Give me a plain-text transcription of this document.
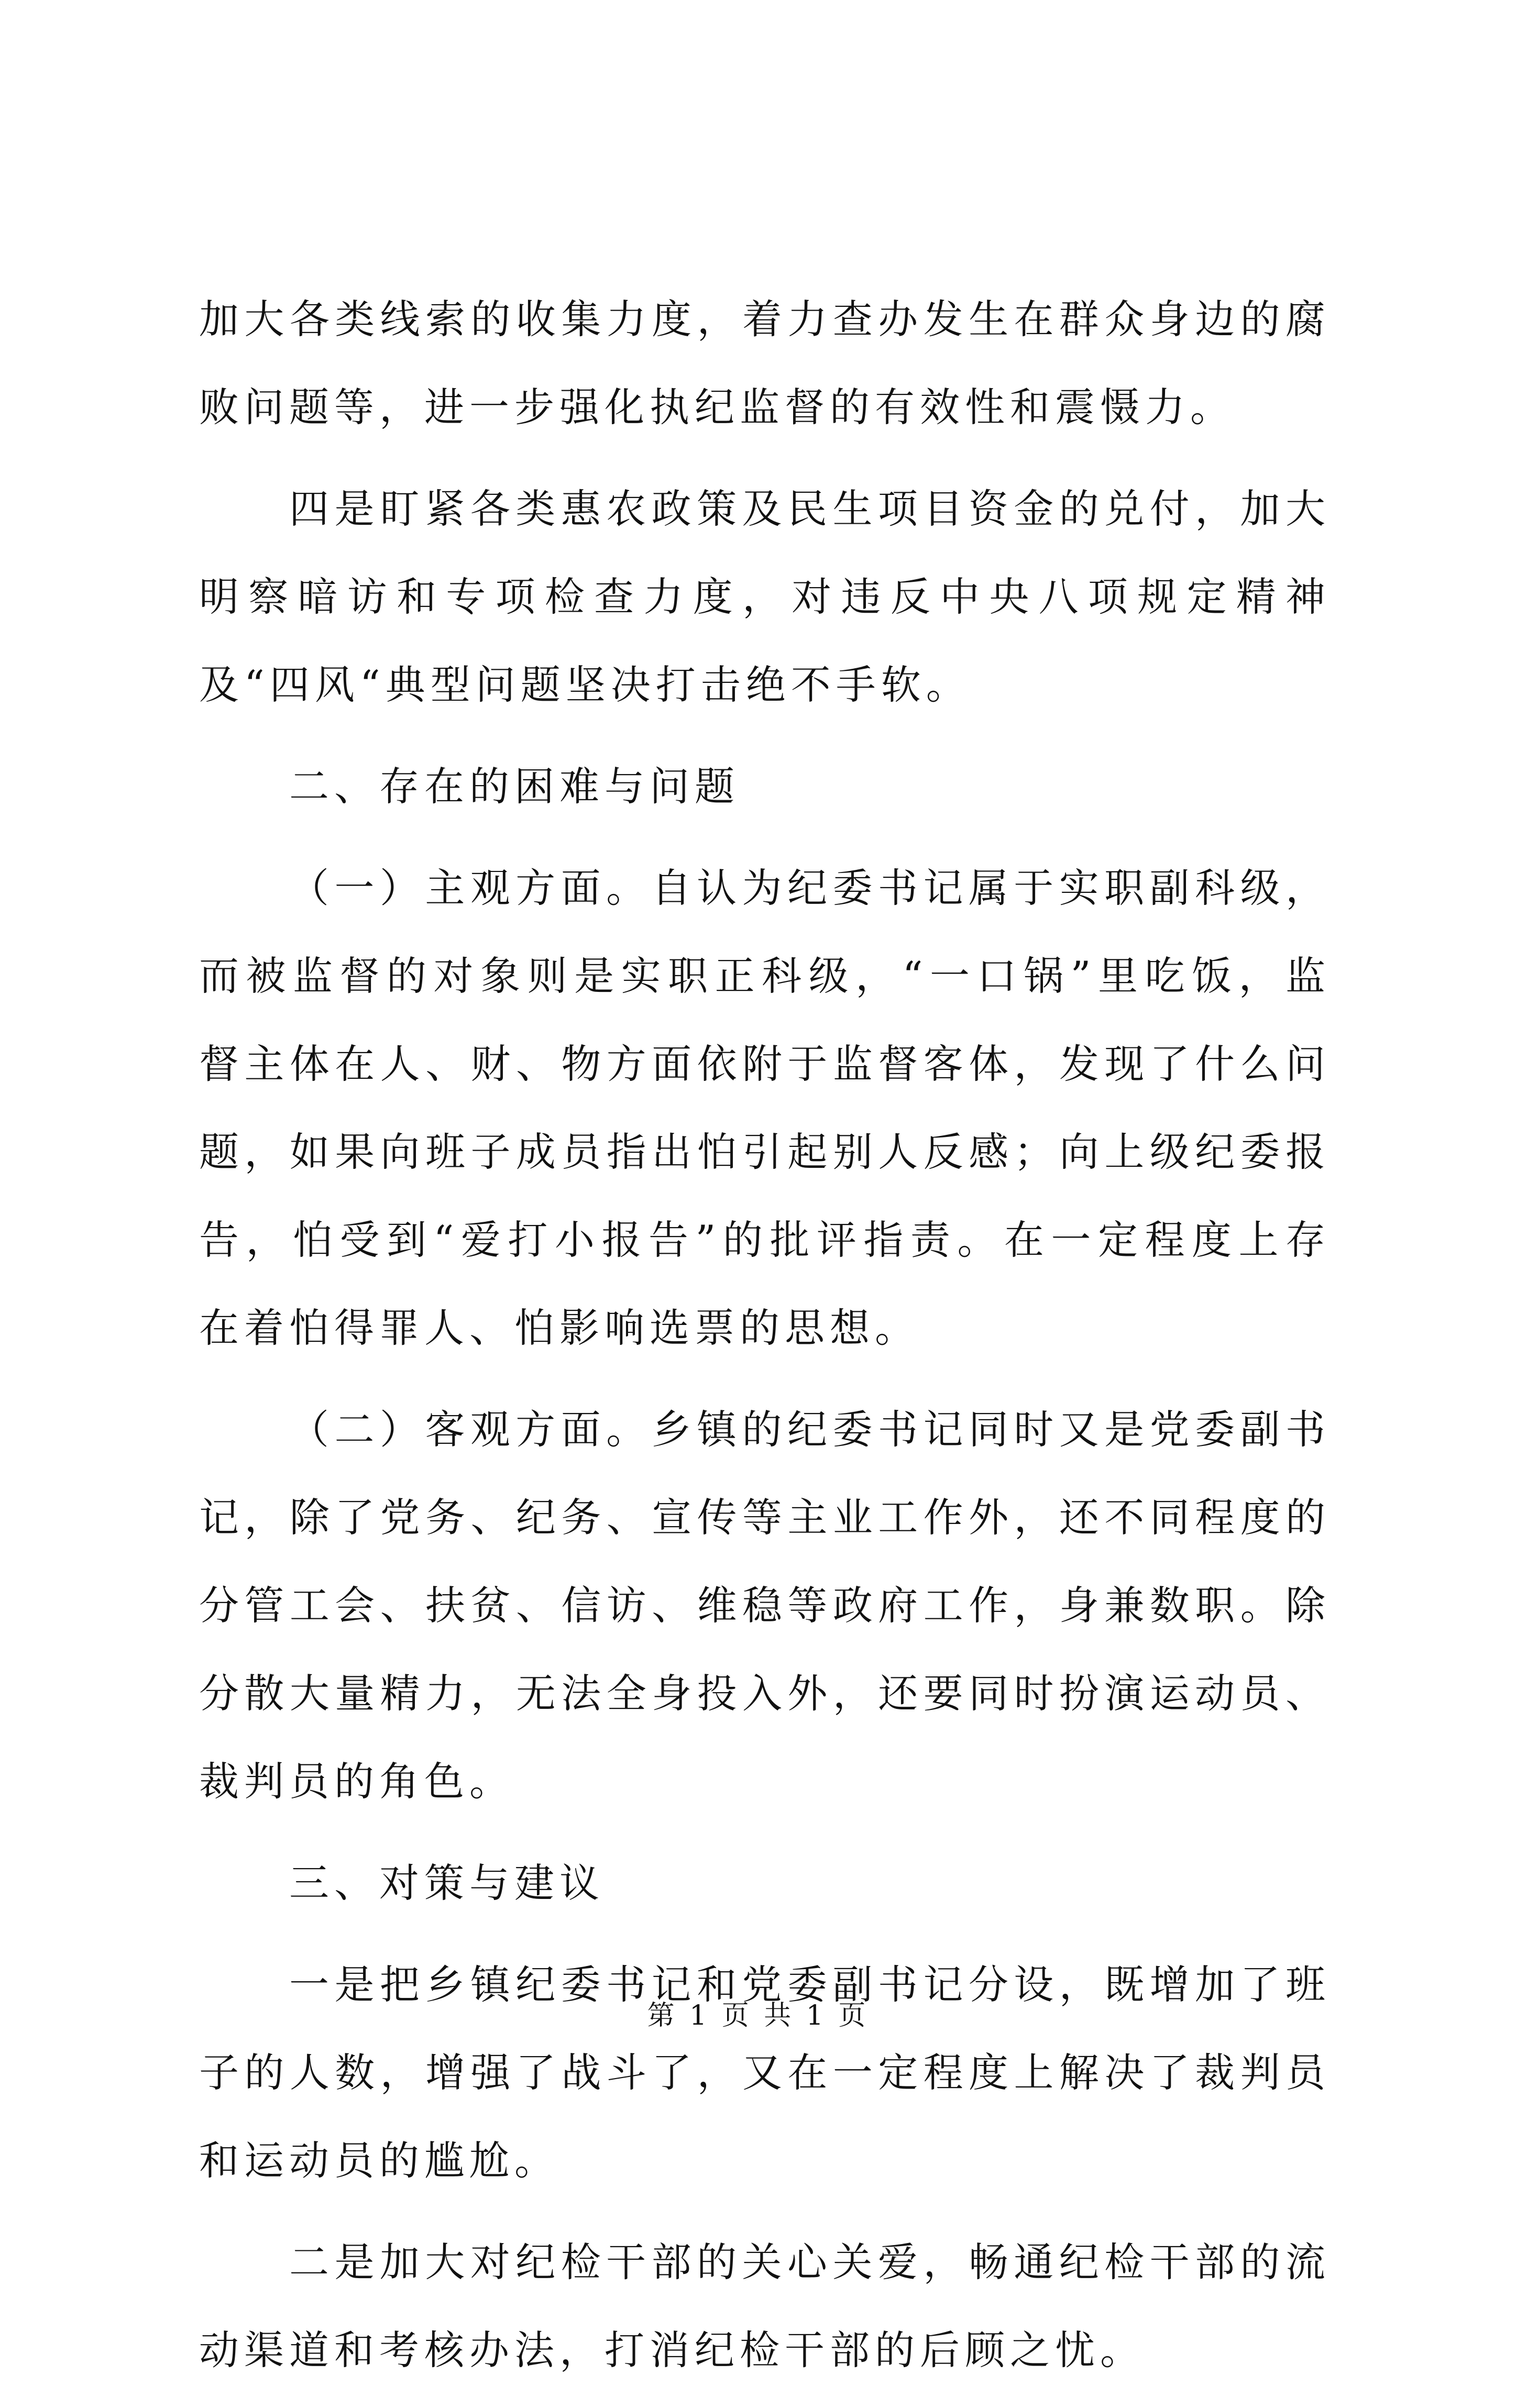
加大各类线索的收集力度，着力查办发生在群众身边的腐败问题等，进一步强化执纪监督的有效性和震慑力。

四是盯紧各类惠农政策及民生项目资金的兑付，加大明察暗访和专项检查力度，对违反中央八项规定精神及“四风“典型问题坚决打击绝不手软。

二、存在的困难与问题

（一）主观方面。自认为纪委书记属于实职副科级，而被监督的对象则是实职正科级，“一口锅”里吃饭，监督主体在人、财、物方面依附于监督客体，发现了什么问题，如果向班子成员指出怕引起别人反感；向上级纪委报告，怕受到“爱打小报告”的批评指责。在一定程度上存在着怕得罪人、怕影响选票的思想。

（二）客观方面。乡镇的纪委书记同时又是党委副书记，除了党务、纪务、宣传等主业工作外，还不同程度的分管工会、扶贫、信访、维稳等政府工作，身兼数职。除分散大量精力，无法全身投入外，还要同时扮演运动员、裁判员的角色。

三、对策与建议

一是把乡镇纪委书记和党委副书记分设，既增加了班子的人数，增强了战斗了，又在一定程度上解决了裁判员和运动员的尴尬。

二是加大对纪检干部的关心关爱，畅通纪检干部的流动渠道和考核办法，打消纪检干部的后顾之忧。

第 1 页 共 1 页
